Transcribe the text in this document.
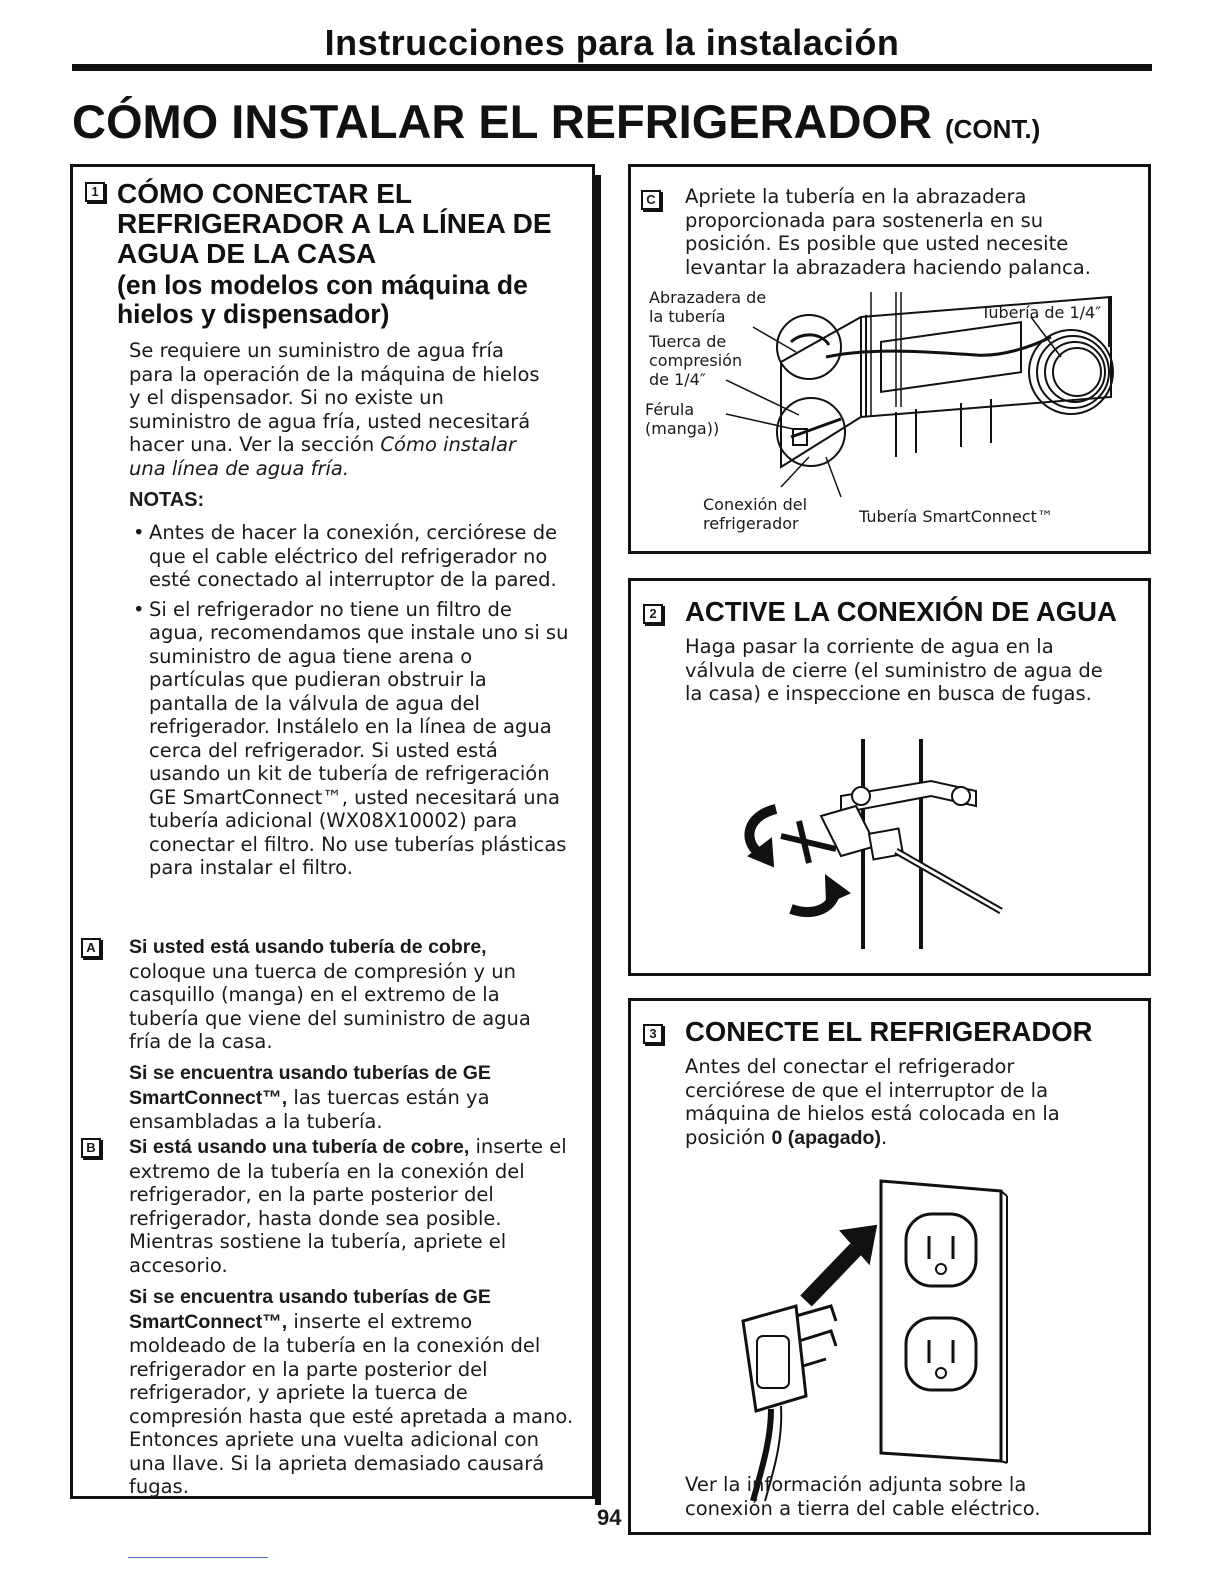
Instrucciones para la instalación
CÓMO INSTALAR EL REFRIGERADOR (CONT.)
1 CÓMO CONECTAR EL REFRIGERADOR A LA LÍNEA DE AGUA DE LA CASA
(en los modelos con máquina de hielos y dispensador)
Se requiere un suministro de agua fría para la operación de la máquina de hielos y el dispensador. Si no existe un suministro de agua fría, usted necesitará hacer una. Ver la sección Cómo instalar una línea de agua fría.
NOTAS:
• Antes de hacer la conexión, cerciórese de que el cable eléctrico del refrigerador no esté conectado al interruptor de la pared.
• Si el refrigerador no tiene un filtro de agua, recomendamos que instale uno si su suministro de agua tiene arena o partículas que pudieran obstruir la pantalla de la válvula de agua del refrigerador. Instálelo en la línea de agua cerca del refrigerador. Si usted está usando un kit de tubería de refrigeración GE SmartConnect™, usted necesitará una tubería adicional (WX08X10002) para conectar el filtro. No use tuberías plásticas para instalar el filtro.
A Si usted está usando tubería de cobre, coloque una tuerca de compresión y un casquillo (manga) en el extremo de la tubería que viene del suministro de agua fría de la casa.
Si se encuentra usando tuberías de GE SmartConnect™, las tuercas están ya ensambladas a la tubería.
B Si está usando una tubería de cobre, inserte el extremo de la tubería en la conexión del refrigerador, en la parte posterior del refrigerador, hasta donde sea posible. Mientras sostiene la tubería, apriete el accesorio.
Si se encuentra usando tuberías de GE SmartConnect™, inserte el extremo moldeado de la tubería en la conexión del refrigerador en la parte posterior del refrigerador, y apriete la tuerca de compresión hasta que esté apretada a mano. Entonces apriete una vuelta adicional con una llave. Si la aprieta demasiado causará fugas.
C Apriete la tubería en la abrazadera proporcionada para sostenerla en su posición. Es posible que usted necesite levantar la abrazadera haciendo palanca.
Abrazadera de la tubería
Tuerca de compresión de 1/4″
Férula (manga))
Tubería de 1/4″
Conexión del refrigerador	Tubería SmartConnect™
2 ACTIVE LA CONEXIÓN DE AGUA
Haga pasar la corriente de agua en la válvula de cierre (el suministro de agua de la casa) e inspeccione en busca de fugas.
3 CONECTE EL REFRIGERADOR
Antes del conectar el refrigerador cerciórese de que el interruptor de la máquina de hielos está colocada en la posición 0 (apagado).
Ver la información adjunta sobre la conexión a tierra del cable eléctrico.
94
